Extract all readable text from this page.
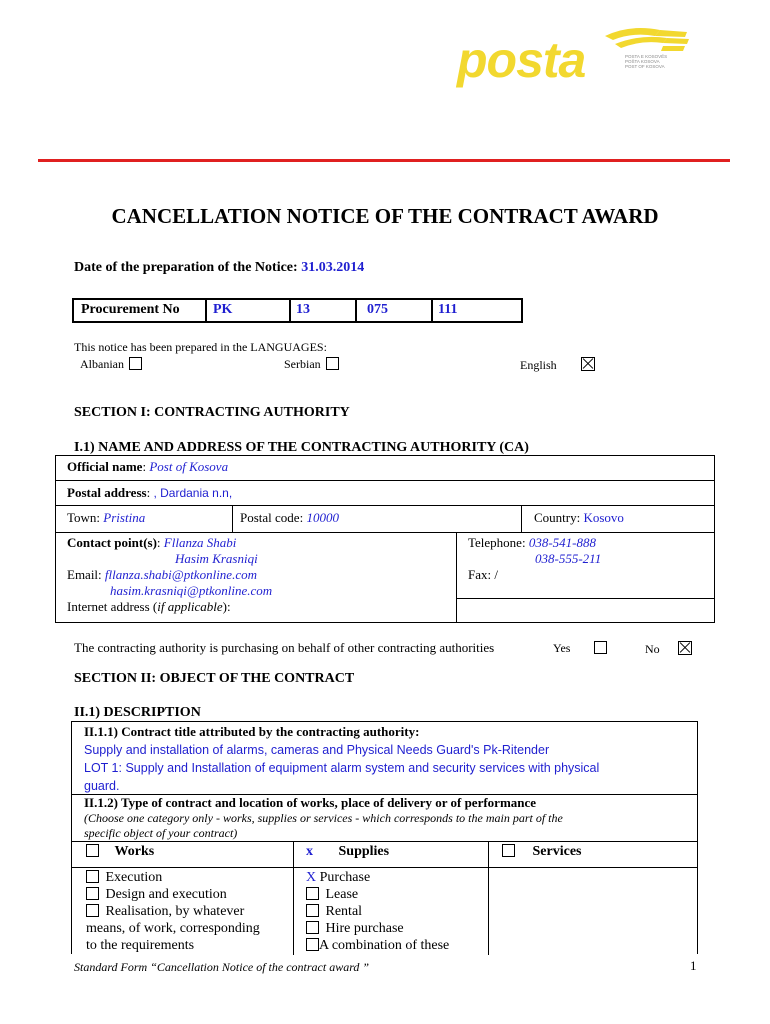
posta	POSTA E KOSOVËS
POŠTA KOSOVA
POST OF KOSOVA
CANCELLATION NOTICE OF THE CONTRACT AWARD
Date of the preparation of the Notice: 31.03.2014
Procurement No PK	13	075	111
This notice has been prepared in the LANGUAGES:
Albanian	Serbian	English
SECTION I: CONTRACTING AUTHORITY
I.1) NAME AND ADDRESS OF THE CONTRACTING AUTHORITY (CA)
Official name: Post of Kosova
Postal address: , Dardania n.n,
Town: Pristina	Postal code: 10000	Country: Kosovo
Contact point(s): Fllanza Shabi
Hasim Krasniqi
Email: fllanza.shabi@ptkonline.com
hasim.krasniqi@ptkonline.com
Internet address (if applicable):
Telephone: 038-541-888
038-555-211
Fax: /
The contracting authority is purchasing on behalf of other contracting authorities	Yes	No
SECTION II: OBJECT OF THE CONTRACT
II.1) DESCRIPTION
II.1.1) Contract title attributed by the contracting authority:
Supply and installation of alarms, cameras and Physical Needs Guard's Pk-Ritender
LOT 1: Supply and Installation of equipment alarm system and security services with physical
guard.
II.1.2) Type of contract and location of works, place of delivery or of performance
(Choose one category only - works, supplies or services - which corresponds to the main part of the
specific object of your contract)
Works	x Supplies	Services
Execution
Design and execution
Realisation, by whatever
means, of work, corresponding
to the requirements
X Purchase
Lease
Rental
Hire purchase
A combination of these
Standard Form “Cancellation Notice of the contract award ”	1
